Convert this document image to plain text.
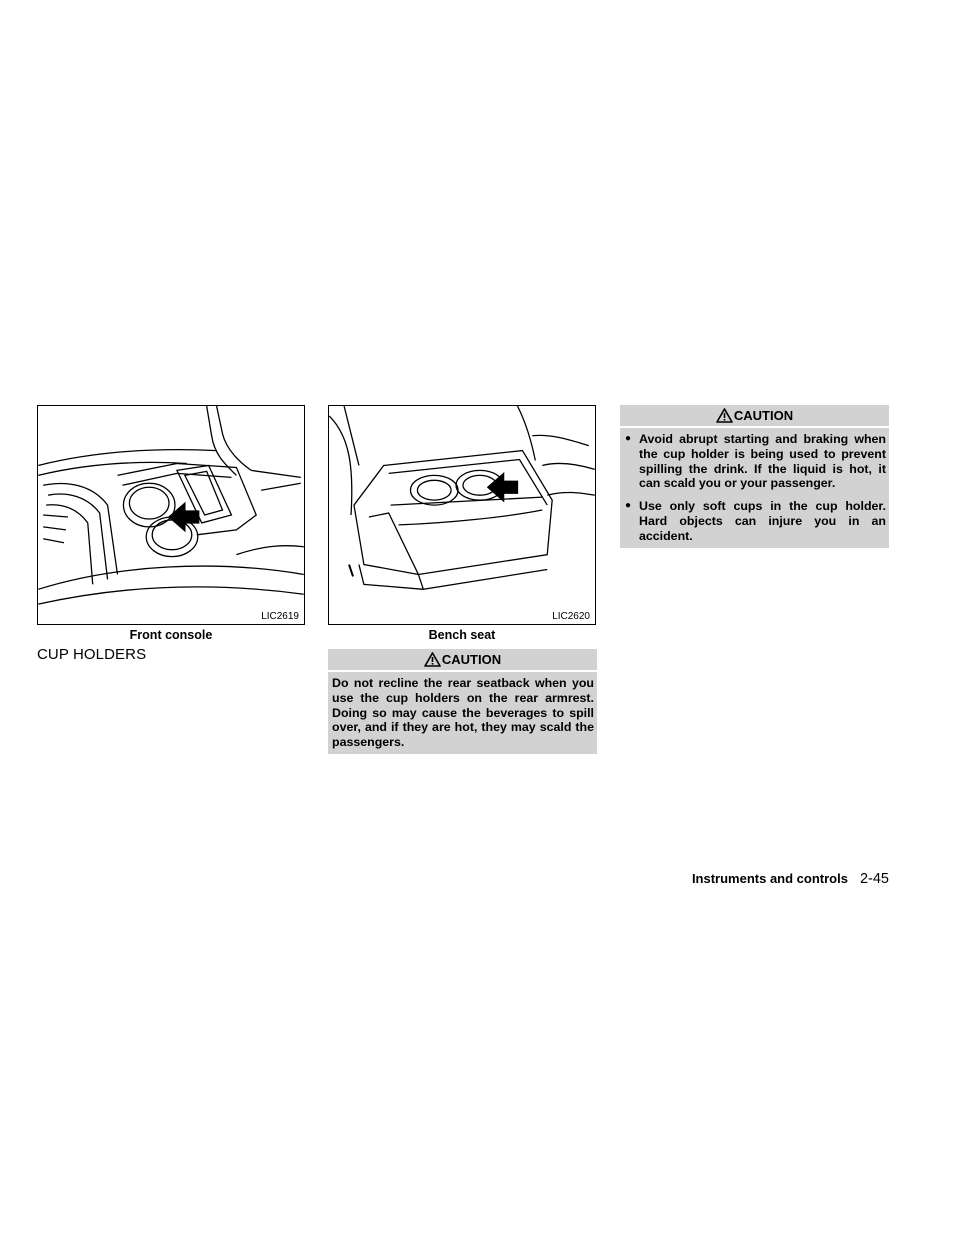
LIC2619
Front console
LIC2620
Bench seat
CUP HOLDERS	CAUTION
Do not recline the rear seatback when you use the cup holders on the rear armrest. Doing so may cause the beverages to spill over, and if they are hot, they may scald the passengers.
CAUTION
● Avoid abrupt starting and braking when the cup holder is being used to prevent spilling the drink. If the liquid is hot, it can scald you or your passenger.
● Use only soft cups in the cup holder. Hard objects can injure you in an accident.
Instruments and controls 2-45
